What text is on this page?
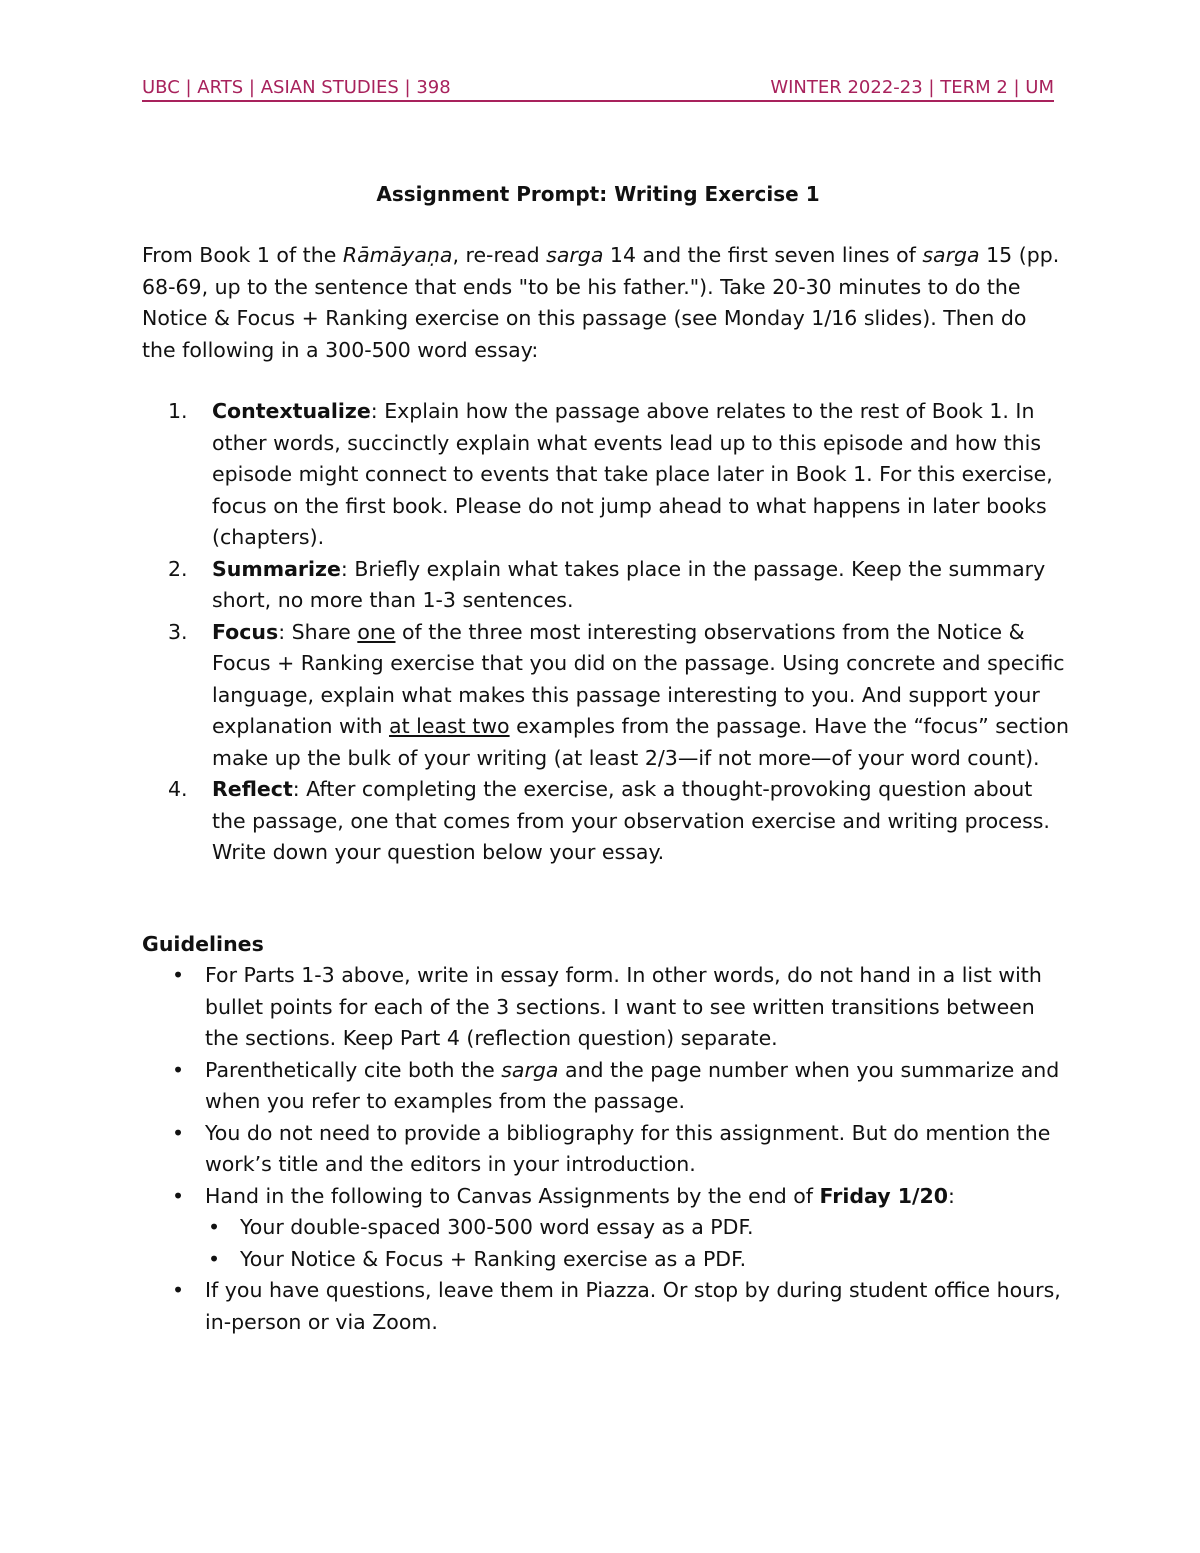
UBC | ARTS | ASIAN STUDIES | 398	WINTER 2022-23 | TERM 2 | UM
Assignment Prompt: Writing Exercise 1

From Book 1 of the Rāmāyaṇa, re-read sarga 14 and the first seven lines of sarga 15 (pp. 68-69, up to the sentence that ends "to be his father."). Take 20-30 minutes to do the Notice & Focus + Ranking exercise on this passage (see Monday 1/16 slides). Then do the following in a 300-500 word essay:

1. Contextualize: Explain how the passage above relates to the rest of Book 1. In other words, succinctly explain what events lead up to this episode and how this episode might connect to events that take place later in Book 1. For this exercise, focus on the first book. Please do not jump ahead to what happens in later books (chapters).
2. Summarize: Briefly explain what takes place in the passage. Keep the summary short, no more than 1-3 sentences.
3. Focus: Share one of the three most interesting observations from the Notice & Focus + Ranking exercise that you did on the passage. Using concrete and specific language, explain what makes this passage interesting to you. And support your explanation with at least two examples from the passage. Have the “focus” section make up the bulk of your writing (at least 2/3—if not more—of your word count).
4. Reflect: After completing the exercise, ask a thought-provoking question about the passage, one that comes from your observation exercise and writing process. Write down your question below your essay.
Guidelines
• For Parts 1-3 above, write in essay form. In other words, do not hand in a list with bullet points for each of the 3 sections. I want to see written transitions between the sections. Keep Part 4 (reflection question) separate.
• Parenthetically cite both the sarga and the page number when you summarize and when you refer to examples from the passage.
• You do not need to provide a bibliography for this assignment. But do mention the work’s title and the editors in your introduction.
• Hand in the following to Canvas Assignments by the end of Friday 1/20:
• Your double-spaced 300-500 word essay as a PDF.
• Your Notice & Focus + Ranking exercise as a PDF.
• If you have questions, leave them in Piazza. Or stop by during student office hours, in-person or via Zoom.
